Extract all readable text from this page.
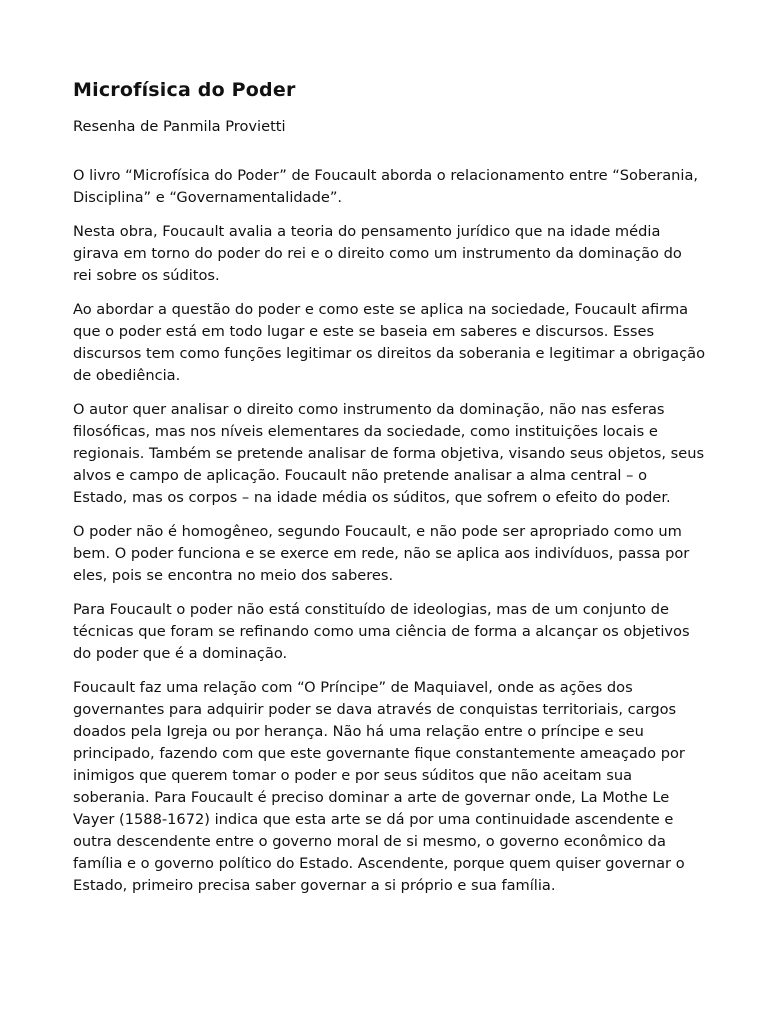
Microfísica do Poder

Resenha de Panmila Provietti

O livro “Microfísica do Poder” de Foucault aborda o relacionamento entre “Soberania, Disciplina” e “Governamentalidade”.

Nesta obra, Foucault avalia a teoria do pensamento jurídico que na idade média girava em torno do poder do rei e o direito como um instrumento da dominação do rei sobre os súditos.

Ao abordar a questão do poder e como este se aplica na sociedade, Foucault afirma que o poder está em todo lugar e este se baseia em saberes e discursos. Esses discursos tem como funções legitimar os direitos da soberania e legitimar a obrigação de obediência.

O autor quer analisar o direito como instrumento da dominação, não nas esferas filosóficas, mas nos níveis elementares da sociedade, como instituições locais e regionais. Também se pretende analisar de forma objetiva, visando seus objetos, seus alvos e campo de aplicação. Foucault não pretende analisar a alma central – o Estado, mas os corpos – na idade média os súditos, que sofrem o efeito do poder.

O poder não é homogêneo, segundo Foucault, e não pode ser apropriado como um bem. O poder funciona e se exerce em rede, não se aplica aos indivíduos, passa por eles, pois se encontra no meio dos saberes.

Para Foucault o poder não está constituído de ideologias, mas de um conjunto de técnicas que foram se refinando como uma ciência de forma a alcançar os objetivos do poder que é a dominação.

Foucault faz uma relação com “O Príncipe” de Maquiavel, onde as ações dos governantes para adquirir poder se dava através de conquistas territoriais, cargos doados pela Igreja ou por herança. Não há uma relação entre o príncipe e seu principado, fazendo com que este governante fique constantemente ameaçado por inimigos que querem tomar o poder e por seus súditos que não aceitam sua soberania. Para Foucault é preciso dominar a arte de governar onde, La Mothe Le Vayer (1588-1672) indica que esta arte se dá por uma continuidade ascendente e outra descendente entre o governo moral de si mesmo, o governo econômico da família e o governo político do Estado. Ascendente, porque quem quiser governar o Estado, primeiro precisa saber governar a si próprio e sua família.
